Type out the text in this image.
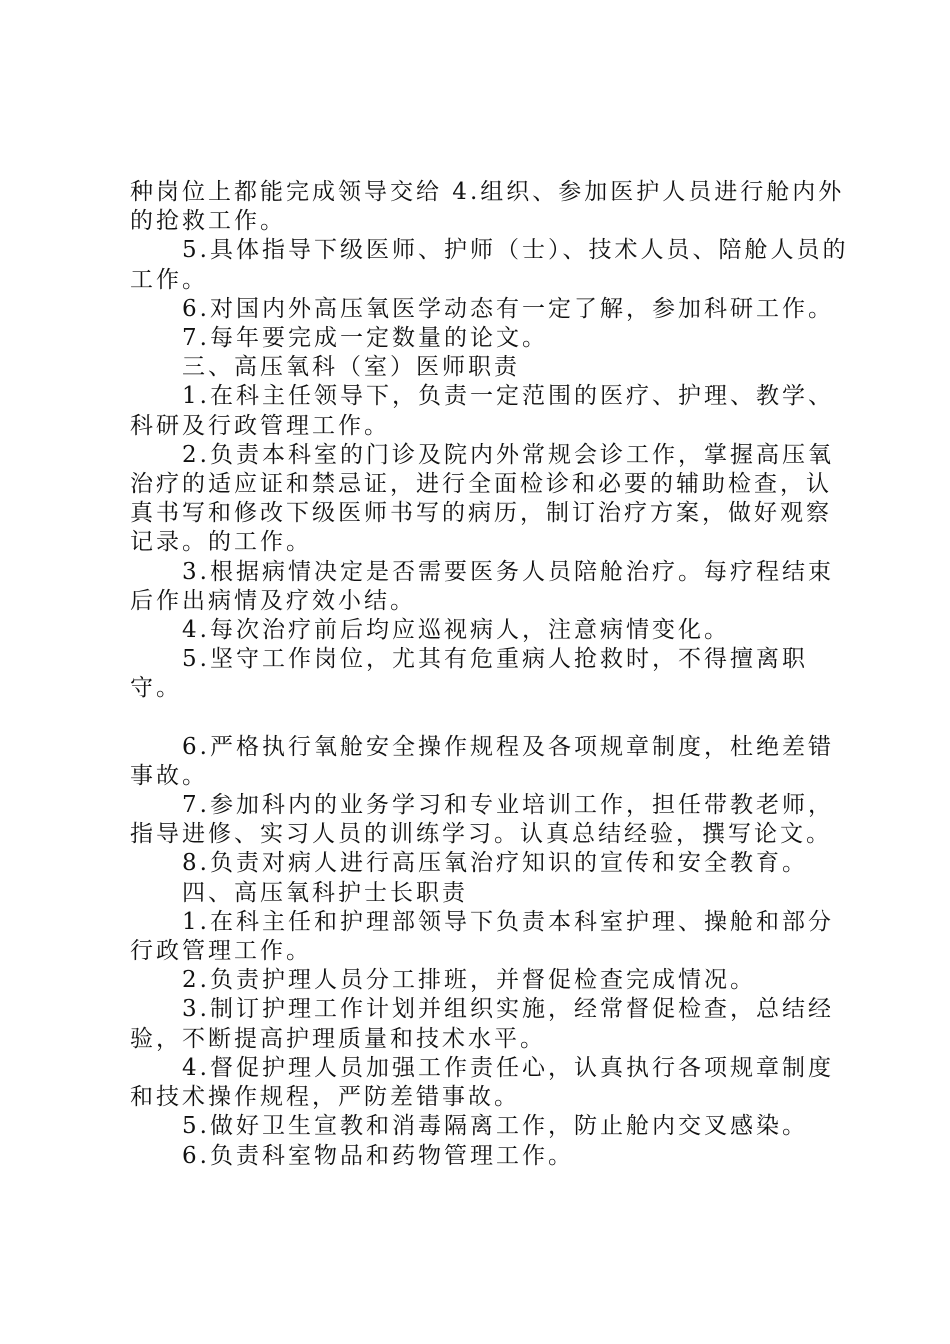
种岗位上都能完成领导交给 4.组织、参加医护人员进行舱内外的抢救工作。

5.具体指导下级医师、护师（士）、技术人员、陪舱人员的工作。

6.对国内外高压氧医学动态有一定了解，参加科研工作。

7.每年要完成一定数量的论文。

三、高压氧科（室）医师职责

1.在科主任领导下，负责一定范围的医疗、护理、教学、科研及行政管理工作。

2.负责本科室的门诊及院内外常规会诊工作，掌握高压氧治疗的适应证和禁忌证，进行全面检诊和必要的辅助检查，认真书写和修改下级医师书写的病历，制订治疗方案，做好观察记录。的工作。

3.根据病情决定是否需要医务人员陪舱治疗。每疗程结束后作出病情及疗效小结。

4.每次治疗前后均应巡视病人，注意病情变化。

5.坚守工作岗位，尤其有危重病人抢救时，不得擅离职守。

6.严格执行氧舱安全操作规程及各项规章制度，杜绝差错事故。

7.参加科内的业务学习和专业培训工作，担任带教老师，指导进修、实习人员的训练学习。认真总结经验，撰写论文。

8.负责对病人进行高压氧治疗知识的宣传和安全教育。

四、高压氧科护士长职责

1.在科主任和护理部领导下负责本科室护理、操舱和部分行政管理工作。

2.负责护理人员分工排班，并督促检查完成情况。

3.制订护理工作计划并组织实施，经常督促检查，总结经验，不断提高护理质量和技术水平。

4.督促护理人员加强工作责任心，认真执行各项规章制度和技术操作规程，严防差错事故。

5.做好卫生宣教和消毒隔离工作，防止舱内交叉感染。

6.负责科室物品和药物管理工作。
